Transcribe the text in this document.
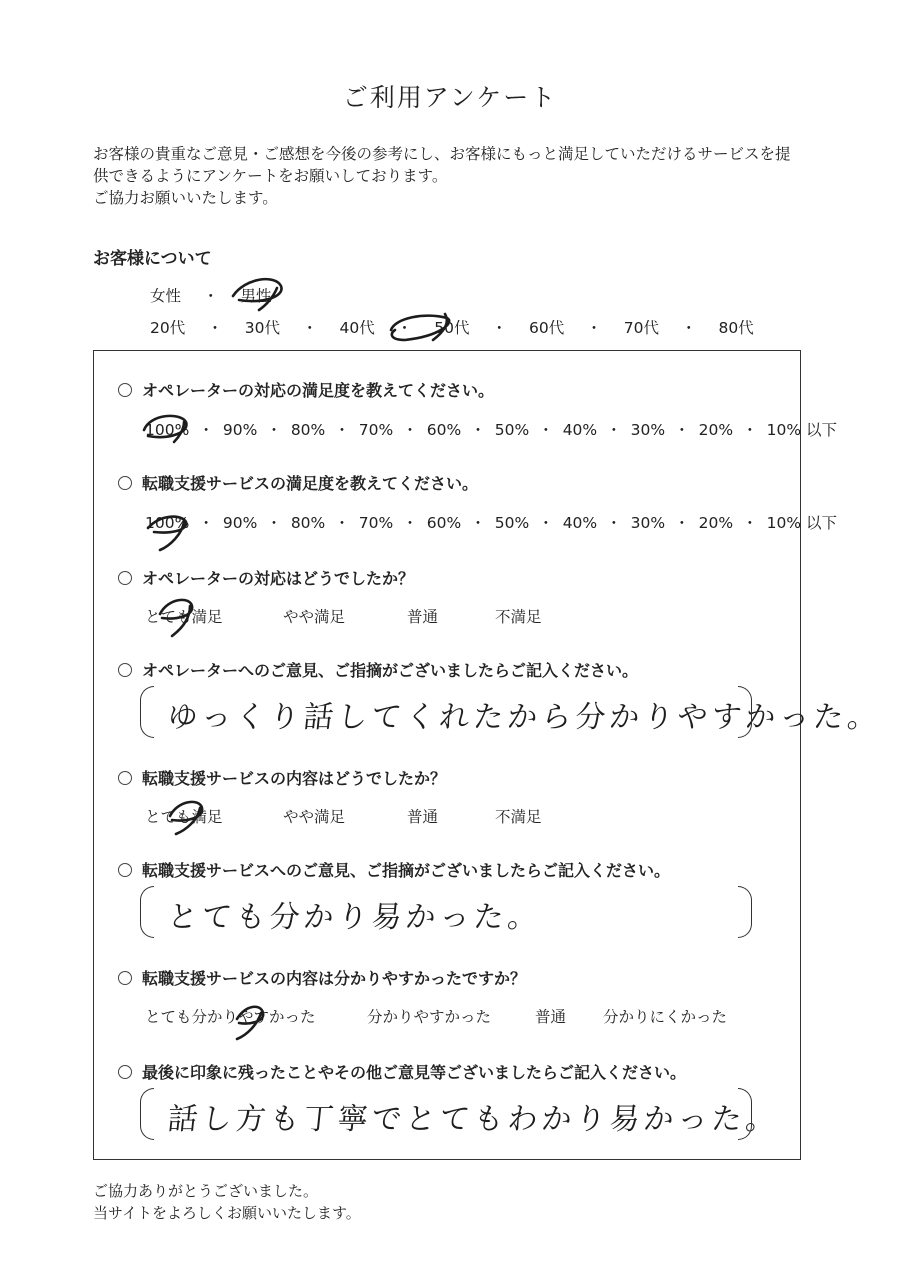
ご利用アンケート
お客様の貴重なご意見・ご感想を今後の参考にし、お客様にもっと満足していただけるサービスを提
供できるようにアンケートをお願いしております。
ご協力お願いいたします。
お客様について
女性 ・ 男性
20代 ・ 30代 ・ 40代 ・ 50代 ・ 60代 ・ 70代 ・ 80代
オペレーターの対応の満足度を教えてください。
100% ・ 90% ・ 80% ・ 70% ・ 60% ・ 50% ・ 40% ・ 30% ・ 20% ・ 10% 以下
転職支援サービスの満足度を教えてください。
100% ・ 90% ・ 80% ・ 70% ・ 60% ・ 50% ・ 40% ・ 30% ・ 20% ・ 10% 以下
オペレーターの対応はどうでしたか？
とても満足	やや満足	普通	不満足
オペレーターへのご意見、ご指摘がございましたらご記入ください。
ゆっくり話してくれたから分かりやすかった。
転職支援サービスの内容はどうでしたか？
とても満足	やや満足	普通	不満足
転職支援サービスへのご意見、ご指摘がございましたらご記入ください。
とても分かり易かった。
転職支援サービスの内容は分かりやすかったですか？
とても分かりやすかった	分かりやすかった	普通 分かりにくかった
最後に印象に残ったことやその他ご意見等ございましたらご記入ください。
話し方も丁寧でとてもわかり易かった。
ご協力ありがとうございました。
当サイトをよろしくお願いいたします。
